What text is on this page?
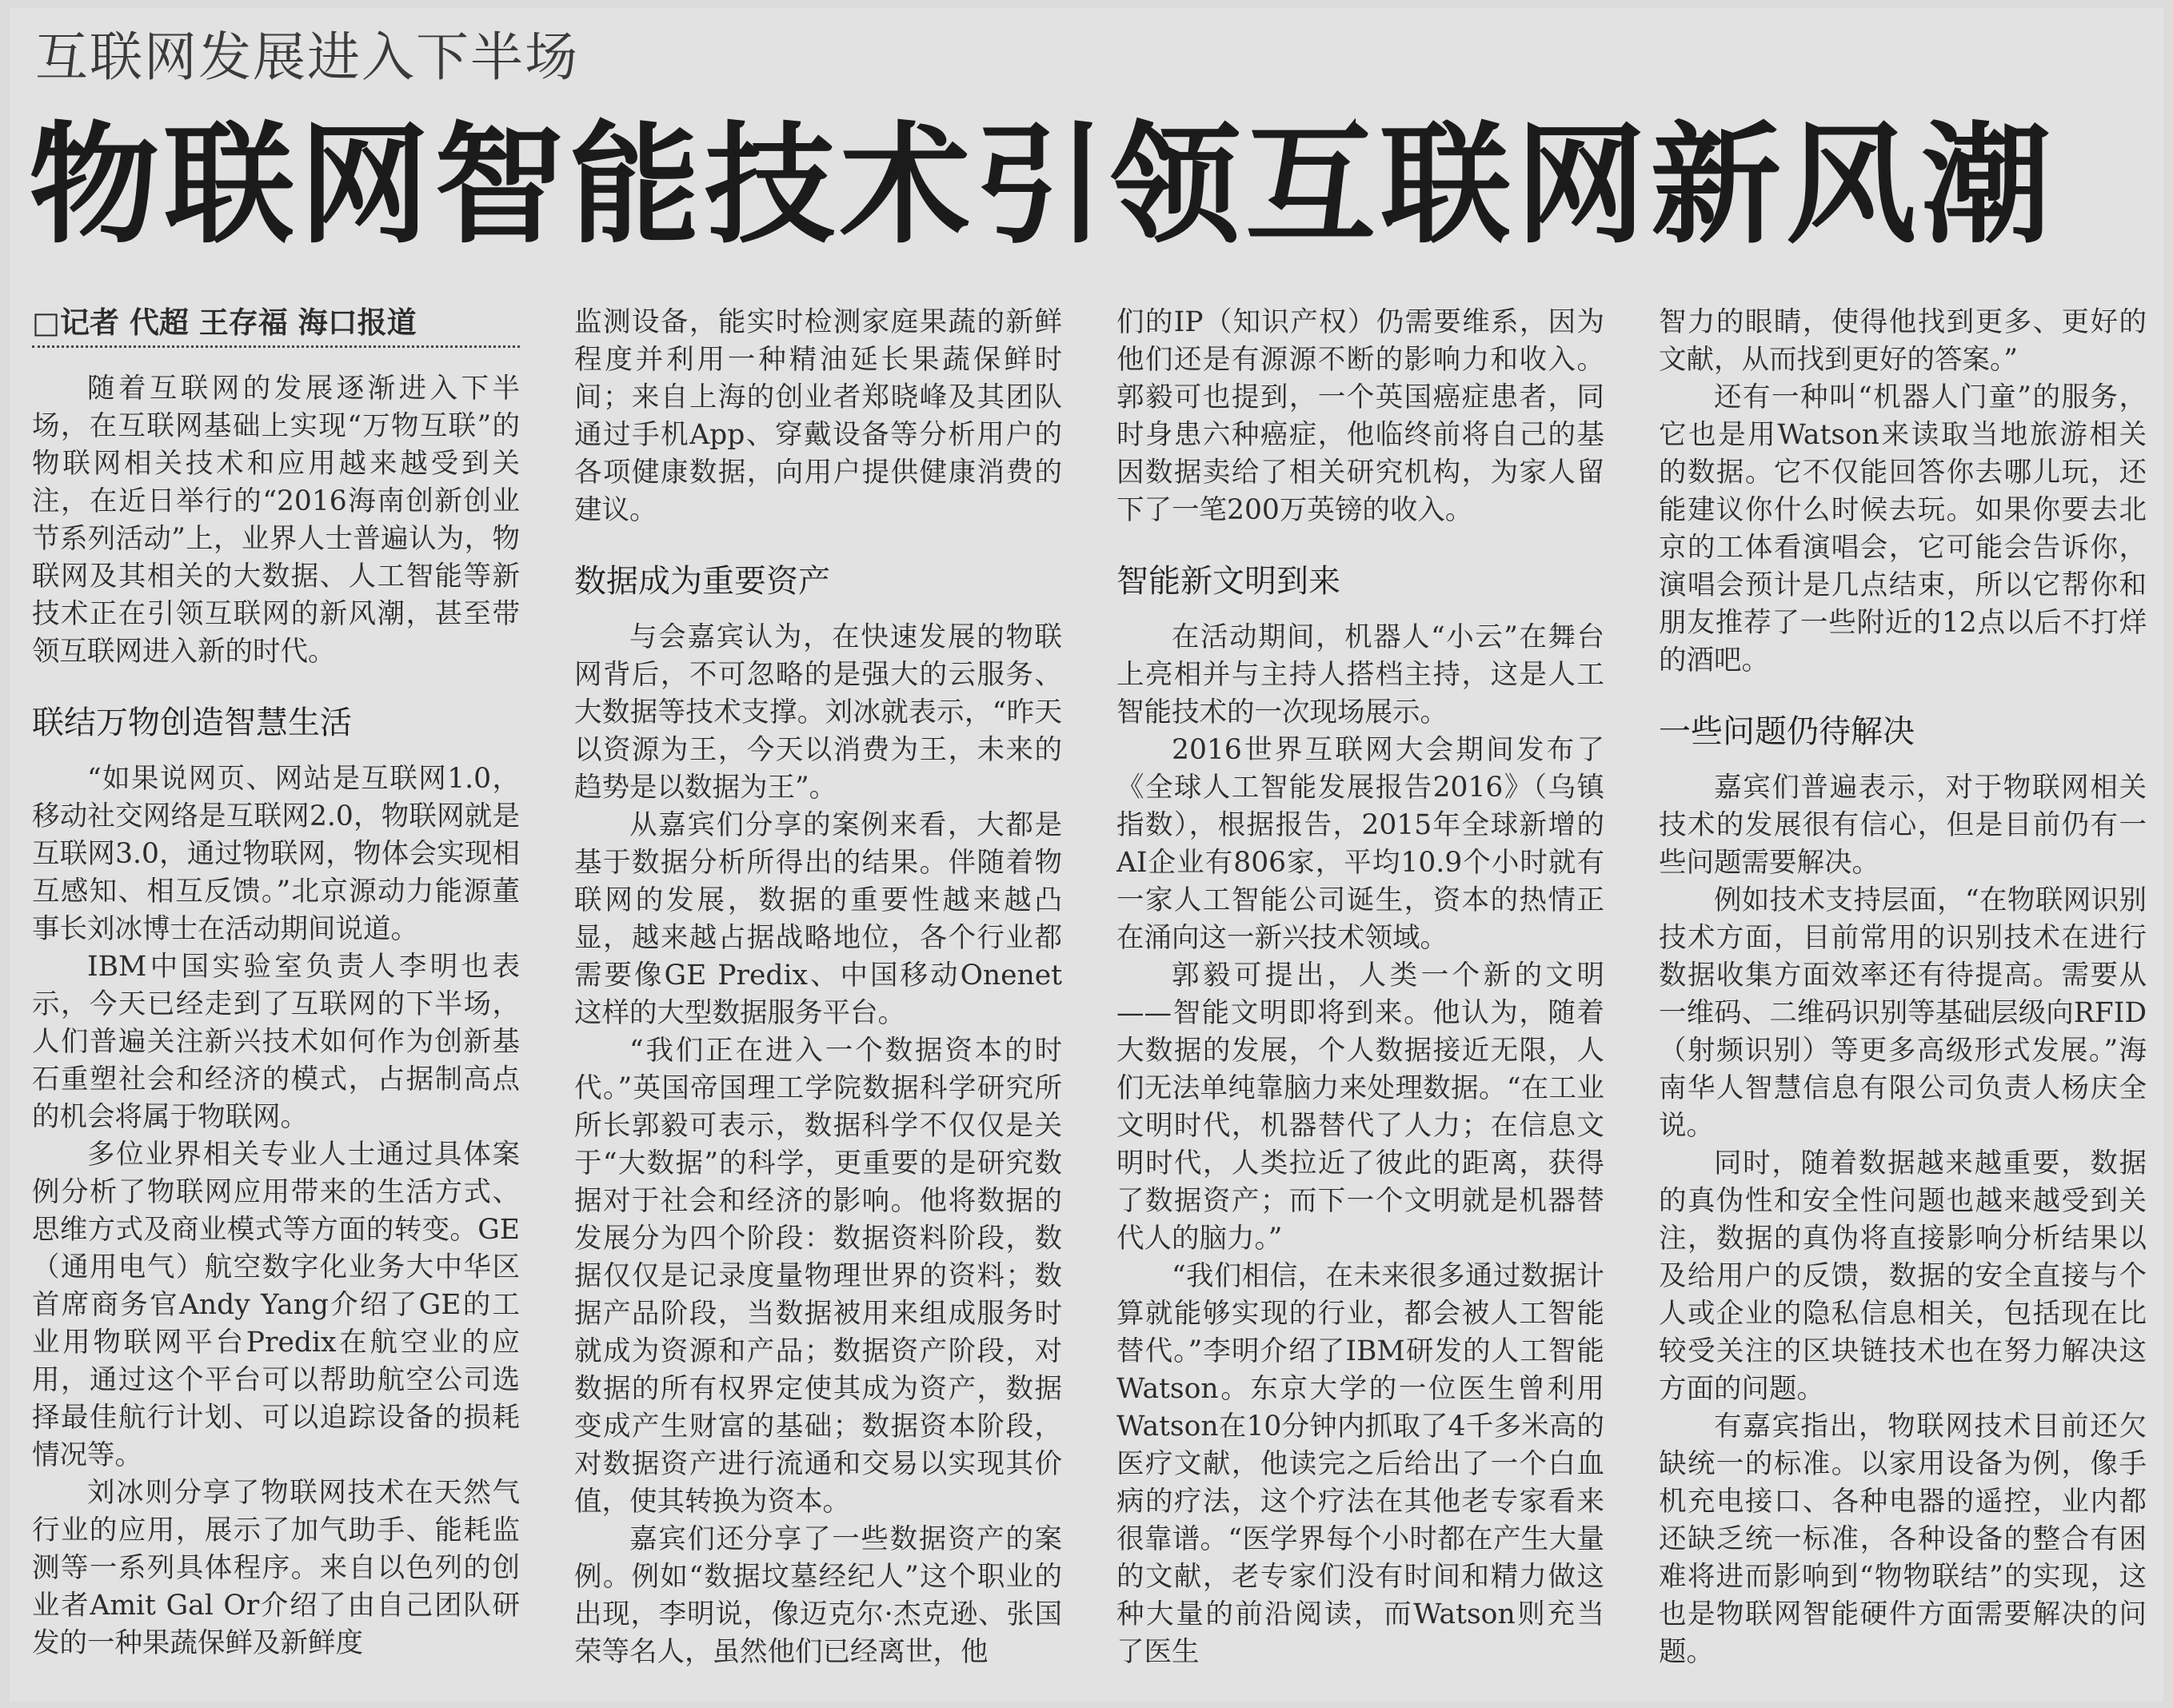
互联网发展进入下半场
物联网智能技术引领互联网新风潮
□记者 代超 王存福 海口报道

随着互联网的发展逐渐进入下半场，在互联网基础上实现“万物互联”的物联网相关技术和应用越来越受到关注，在近日举行的“2016海南创新创业节系列活动”上，业界人士普遍认为，物联网及其相关的大数据、人工智能等新技术正在引领互联网的新风潮，甚至带领互联网进入新的时代。

联结万物创造智慧生活

“如果说网页、网站是互联网1.0，移动社交网络是互联网2.0，物联网就是互联网3.0，通过物联网，物体会实现相互感知、相互反馈。”北京源动力能源董事长刘冰博士在活动期间说道。

IBM中国实验室负责人李明也表示，今天已经走到了互联网的下半场，人们普遍关注新兴技术如何作为创新基石重塑社会和经济的模式，占据制高点的机会将属于物联网。

多位业界相关专业人士通过具体案例分析了物联网应用带来的生活方式、思维方式及商业模式等方面的转变。GE（通用电气）航空数字化业务大中华区首席商务官Andy Yang介绍了GE的工业用物联网平台Predix在航空业的应用，通过这个平台可以帮助航空公司选择最佳航行计划、可以追踪设备的损耗情况等。

刘冰则分享了物联网技术在天然气行业的应用，展示了加气助手、能耗监测等一系列具体程序。来自以色列的创业者Amit Gal Or介绍了由自己团队研发的一种果蔬保鲜及新鲜度

监测设备，能实时检测家庭果蔬的新鲜程度并利用一种精油延长果蔬保鲜时间；来自上海的创业者郑晓峰及其团队通过手机App、穿戴设备等分析用户的各项健康数据，向用户提供健康消费的建议。

数据成为重要资产

与会嘉宾认为，在快速发展的物联网背后，不可忽略的是强大的云服务、大数据等技术支撑。刘冰就表示，“昨天以资源为王，今天以消费为王，未来的趋势是以数据为王”。

从嘉宾们分享的案例来看，大都是基于数据分析所得出的结果。伴随着物联网的发展，数据的重要性越来越凸显，越来越占据战略地位，各个行业都需要像GE Predix、中国移动Onenet这样的大型数据服务平台。

“我们正在进入一个数据资本的时代。”英国帝国理工学院数据科学研究所所长郭毅可表示，数据科学不仅仅是关于“大数据”的科学，更重要的是研究数据对于社会和经济的影响。他将数据的发展分为四个阶段：数据资料阶段，数据仅仅是记录度量物理世界的资料；数据产品阶段，当数据被用来组成服务时就成为资源和产品；数据资产阶段，对数据的所有权界定使其成为资产，数据变成产生财富的基础；数据资本阶段，对数据资产进行流通和交易以实现其价值，使其转换为资本。

嘉宾们还分享了一些数据资产的案例。例如“数据坟墓经纪人”这个职业的出现，李明说，像迈克尔·杰克逊、张国荣等名人，虽然他们已经离世，他

们的IP（知识产权）仍需要维系，因为他们还是有源源不断的影响力和收入。郭毅可也提到，一个英国癌症患者，同时身患六种癌症，他临终前将自己的基因数据卖给了相关研究机构，为家人留下了一笔200万英镑的收入。

智能新文明到来

在活动期间，机器人“小云”在舞台上亮相并与主持人搭档主持，这是人工智能技术的一次现场展示。

2016世界互联网大会期间发布了《全球人工智能发展报告2016》（乌镇指数），根据报告，2015年全球新增的AI企业有806家，平均10.9个小时就有一家人工智能公司诞生，资本的热情正在涌向这一新兴技术领域。

郭毅可提出，人类一个新的文明——智能文明即将到来。他认为，随着大数据的发展，个人数据接近无限，人们无法单纯靠脑力来处理数据。“在工业文明时代，机器替代了人力；在信息文明时代，人类拉近了彼此的距离，获得了数据资产；而下一个文明就是机器替代人的脑力。”

“我们相信，在未来很多通过数据计算就能够实现的行业，都会被人工智能替代。”李明介绍了IBM研发的人工智能Watson。东京大学的一位医生曾利用Watson在10分钟内抓取了4千多米高的医疗文献，他读完之后给出了一个白血病的疗法，这个疗法在其他老专家看来很靠谱。“医学界每个小时都在产生大量的文献，老专家们没有时间和精力做这种大量的前沿阅读，而Watson则充当了医生

智力的眼睛，使得他找到更多、更好的文献，从而找到更好的答案。”

还有一种叫“机器人门童”的服务，它也是用Watson来读取当地旅游相关的数据。它不仅能回答你去哪儿玩，还能建议你什么时候去玩。如果你要去北京的工体看演唱会，它可能会告诉你，演唱会预计是几点结束，所以它帮你和朋友推荐了一些附近的12点以后不打烊的酒吧。

一些问题仍待解决

嘉宾们普遍表示，对于物联网相关技术的发展很有信心，但是目前仍有一些问题需要解决。

例如技术支持层面，“在物联网识别技术方面，目前常用的识别技术在进行数据收集方面效率还有待提高。需要从一维码、二维码识别等基础层级向RFID（射频识别）等更多高级形式发展。”海南华人智慧信息有限公司负责人杨庆全说。

同时，随着数据越来越重要，数据的真伪性和安全性问题也越来越受到关注，数据的真伪将直接影响分析结果以及给用户的反馈，数据的安全直接与个人或企业的隐私信息相关，包括现在比较受关注的区块链技术也在努力解决这方面的问题。

有嘉宾指出，物联网技术目前还欠缺统一的标准。以家用设备为例，像手机充电接口、各种电器的遥控，业内都还缺乏统一标准，各种设备的整合有困难将进而影响到“物物联结”的实现，这也是物联网智能硬件方面需要解决的问题。
